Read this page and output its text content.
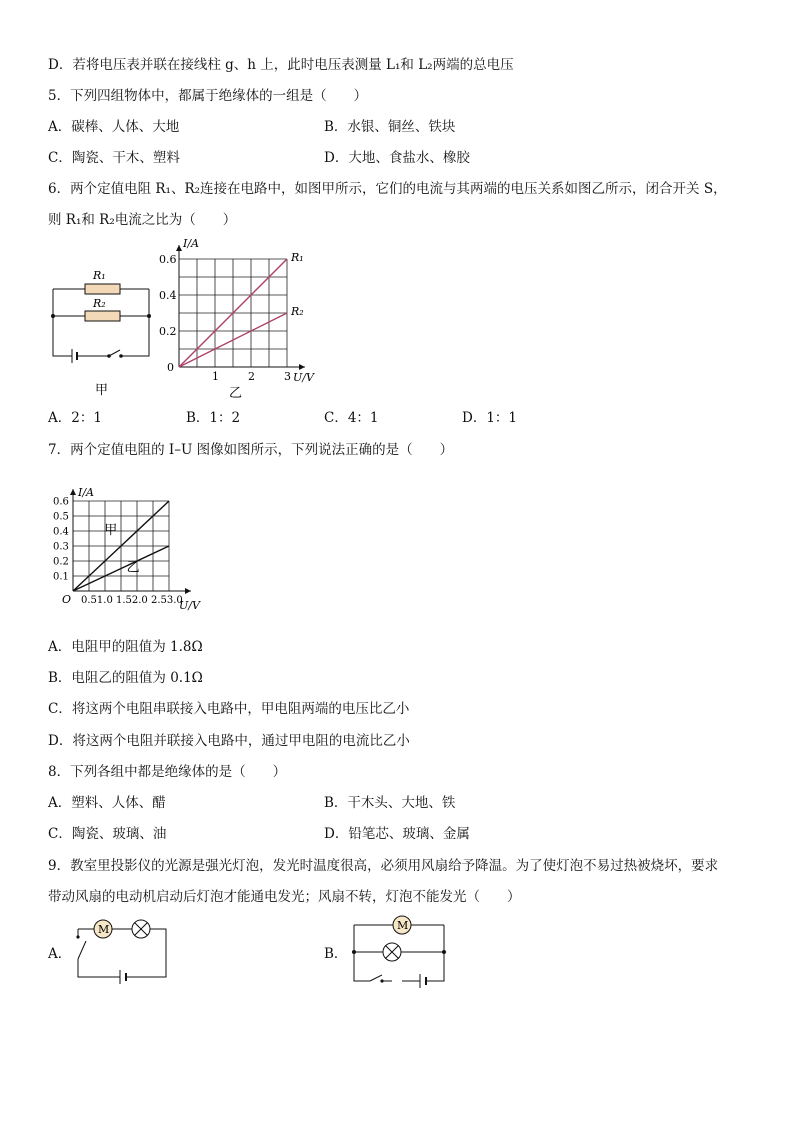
D．若将电压表并联在接线柱 g、h 上，此时电压表测量 L₁和 L₂两端的总电压
5．下列四组物体中，都属于绝缘体的一组是（　　）
A．碳棒、人体、大地	B．水银、铜丝、铁块
C．陶瓷、干木、塑料	D．大地、食盐水、橡胶
6．两个定值电阻 R₁、R₂连接在电路中，如图甲所示，它们的电流与其两端的电压关系如图乙所示，闭合开关 S，
则 R₁和 R₂电流之比为（　　）
R₁
R₂
甲
R₁
R₂
1	2	3
0.2
0.4
0.6
0
U/V
I/A
乙
A．2：1	B．1：2	C．4：1	D．1：1
7．两个定值电阻的 I–U 图像如图所示，下列说法正确的是（　　）
甲
乙
0.1
0.2
0.3
0.4
0.5
0.6
0.51.0 1.52.0 2.53.0
O	U/V
I/A
A．电阻甲的阻值为 1.8Ω
B．电阻乙的阻值为 0.1Ω
C．将这两个电阻串联接入电路中，甲电阻两端的电压比乙小
D．将这两个电阻并联接入电路中，通过甲电阻的电流比乙小
8．下列各组中都是绝缘体的是（　　）
A．塑料、人体、醋	B．干木头、大地、铁
C．陶瓷、玻璃、油	D．铅笔芯、玻璃、金属
9．教室里投影仪的光源是强光灯泡，发光时温度很高，必须用风扇给予降温。为了使灯泡不易过热被烧坏，要求
带动风扇的电动机启动后灯泡才能通电发光；风扇不转，灯泡不能发光（　　）
A．
M
B．
M
